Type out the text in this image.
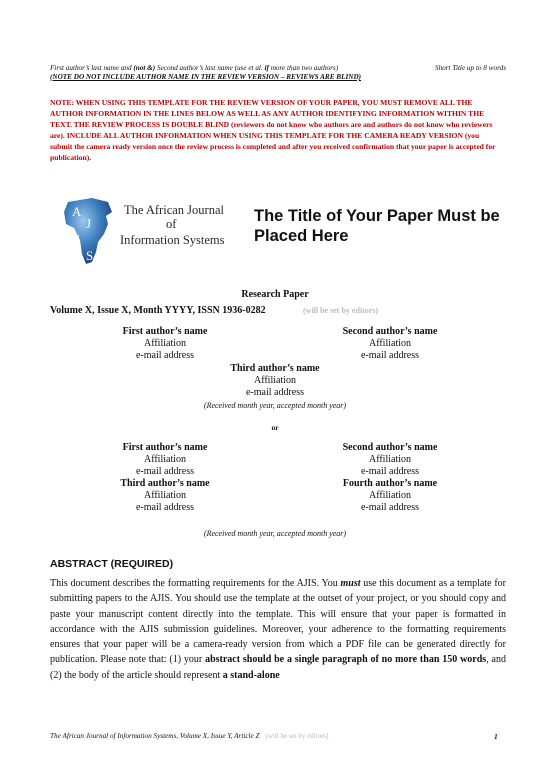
First author’s last name and (not &) Second author’s last name (use et al. if more than two authors)	Short Title up to 8 words
(NOTE DO NOT INCLUDE AUTHOR NAME IN THE REVIEW VERSION – REVIEWS ARE BLIND)
NOTE: WHEN USING THIS TEMPLATE FOR THE REVIEW VERSION OF YOUR PAPER, YOU MUST REMOVE ALL THE AUTHOR INFORMATION IN THE LINES BELOW AS WELL AS ANY AUTHOR IDENTIFYING INFORMATION WITHIN THE TEXT. THE REVIEW PROCESS IS DOUBLE BLIND (reviewers do not know who authors are and authors do not know who reviewers are). INCLUDE ALL AUTHOR INFORMATION WHEN USING THIS TEMPLATE FOR THE CAMERA READY VERSION (you submit the camera ready version once the review process is completed and after you received confirmation that your paper is accepted for publication).
A
J
I
S
The African Journal
of
Information Systems
The Title of Your Paper Must be Placed Here
Research Paper
Volume X, Issue X, Month YYYY, ISSN 1936-0282	(will be set by editors)
First author’s name
Affiliation
e-mail address
Second author’s name
Affiliation
e-mail address
Third author’s name
Affiliation
e-mail address
(Received month year, accepted month year)
or
First author’s name
Affiliation
e-mail address
Second author’s name
Affiliation
e-mail address
Third author’s name
Affiliation
e-mail address
Fourth author’s name
Affiliation
e-mail address
(Received month year, accepted month year)
ABSTRACT (REQUIRED)
This document describes the formatting requirements for the AJIS. You must use this document as a template for submitting papers to the AJIS. You should use the template at the outset of your project, or you should copy and paste your manuscript content directly into the template. This will ensure that your paper is formatted in accordance with the AJIS submission guidelines. Moreover, your adherence to the formatting requirements ensures that your paper will be a camera-ready version from which a PDF file can be generated directly for publication. Please note that: (1) your abstract should be a single paragraph of no more than 150 words, and (2) the body of the article should represent a stand-alone
The African Journal of Information Systems, Volume X, Issue Y, Article Z (will be set by editors)	1
